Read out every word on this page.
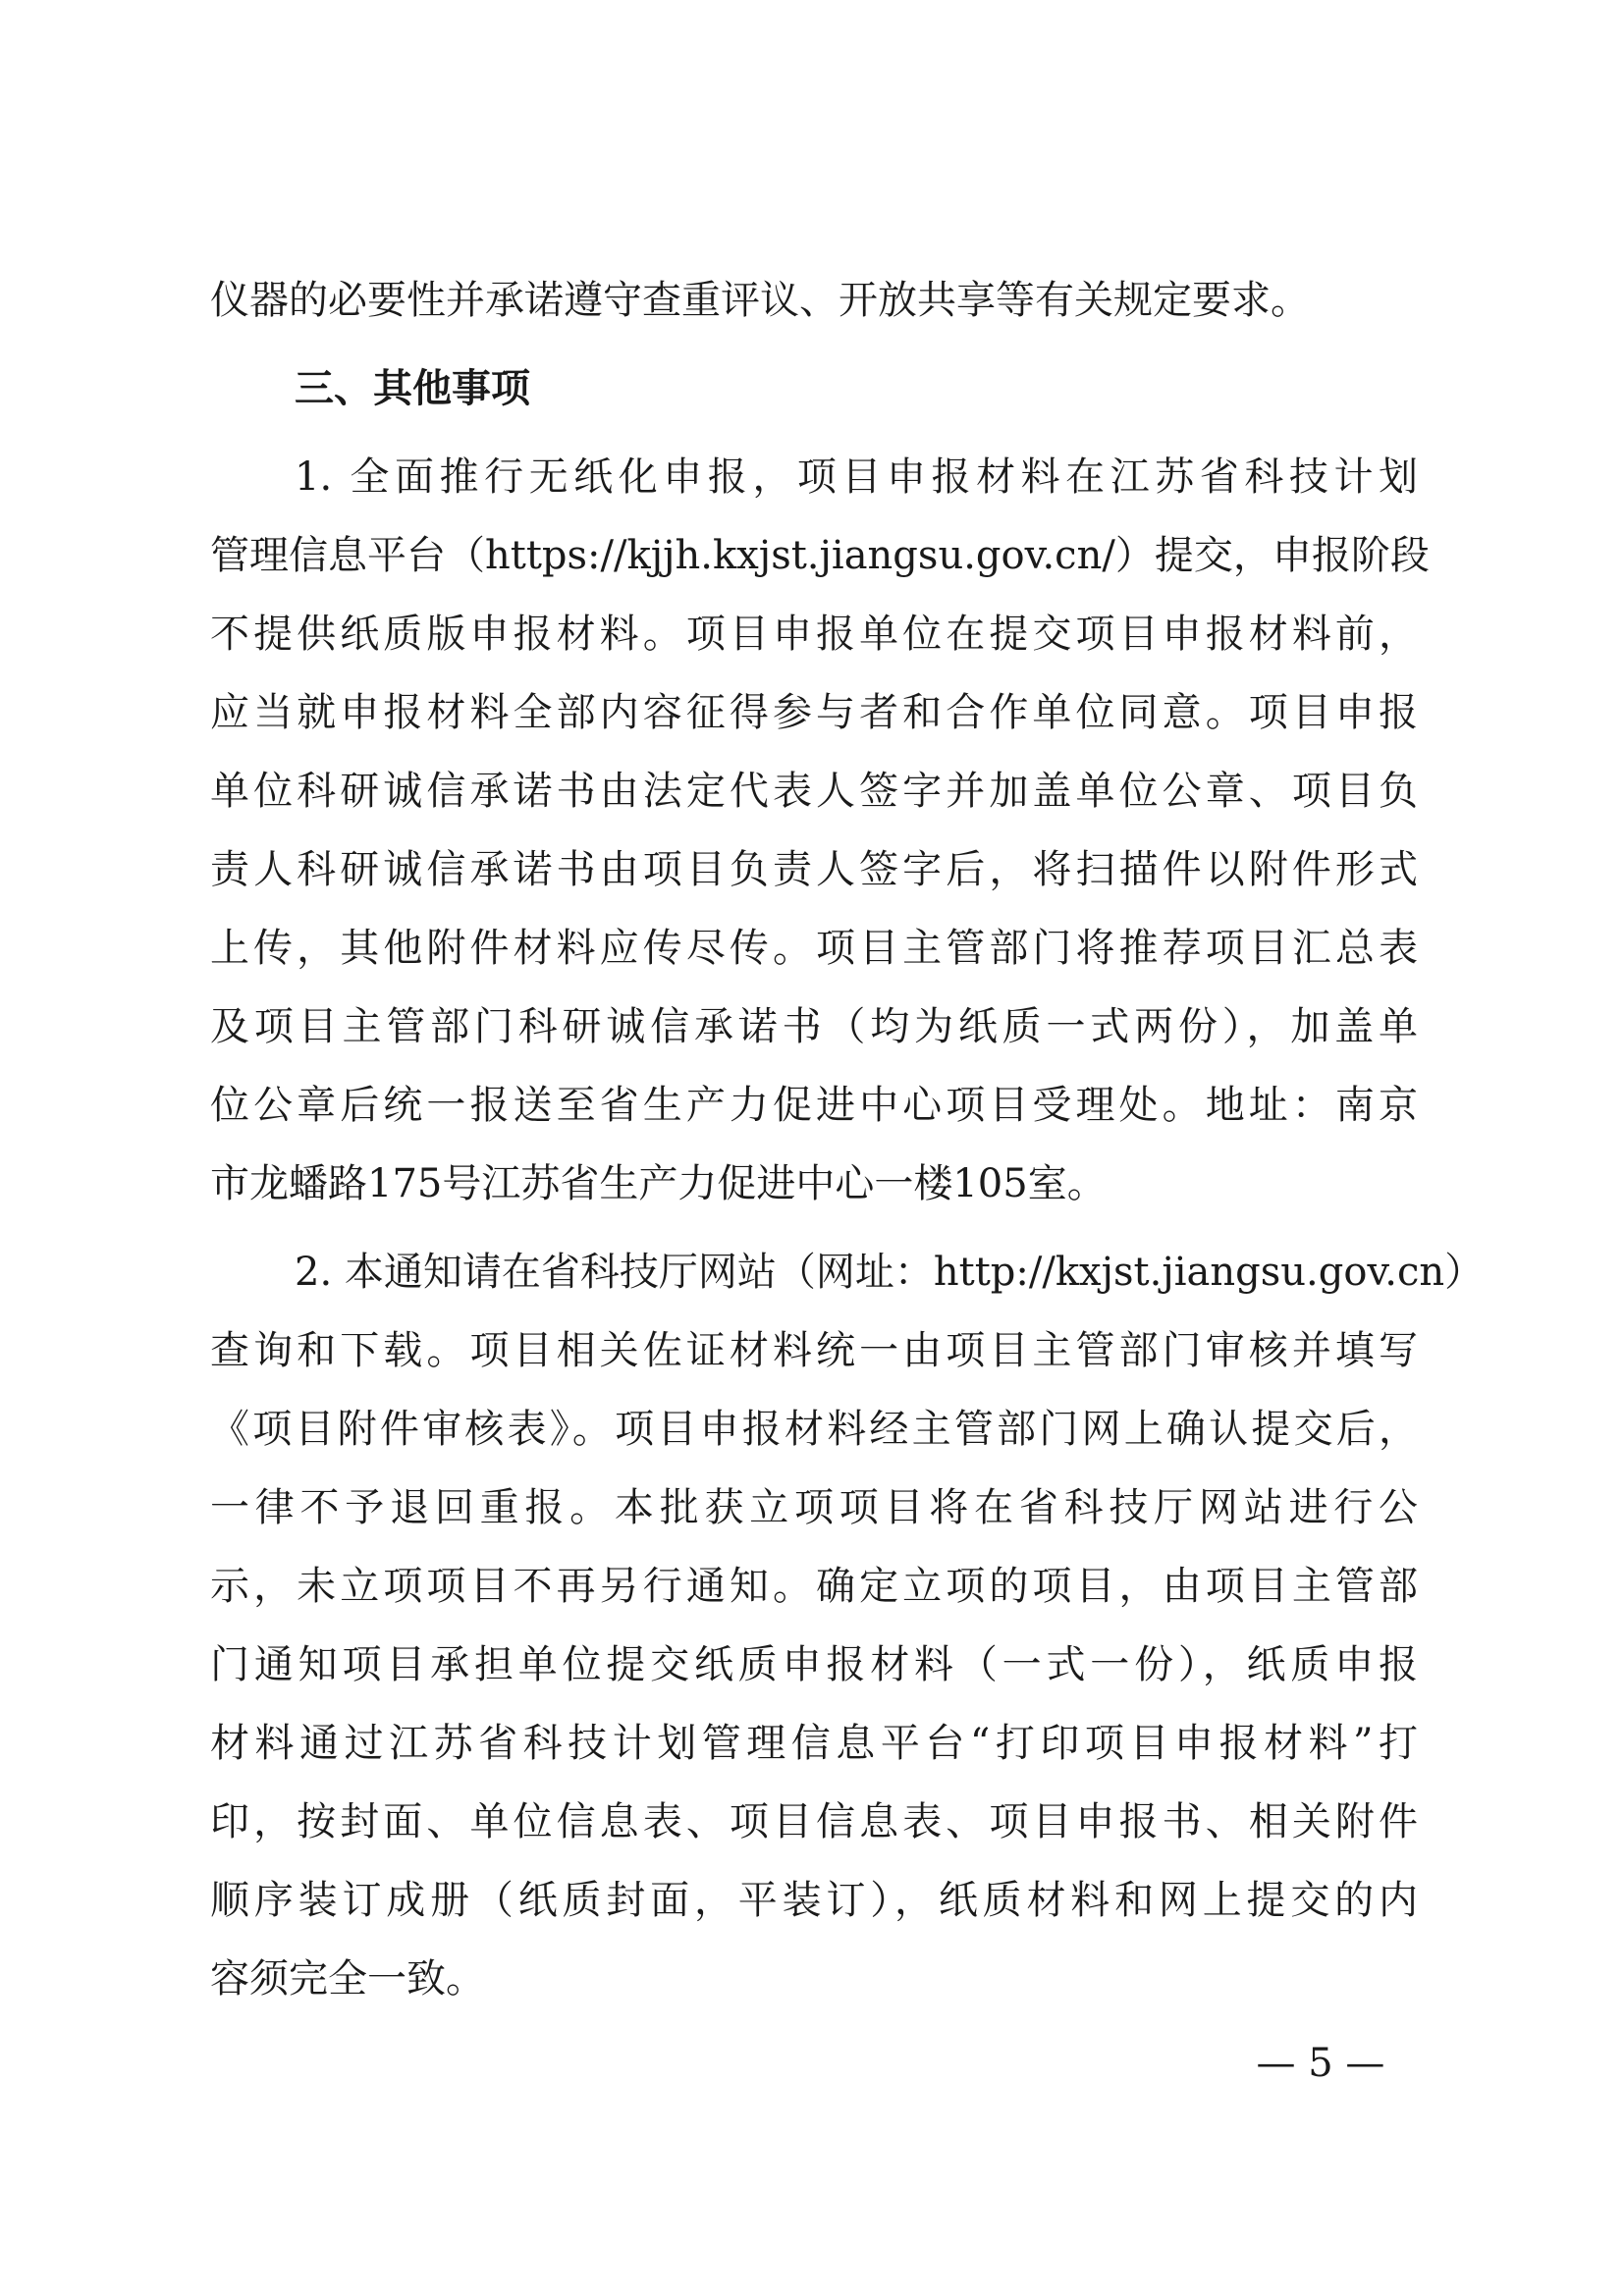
仪器的必要性并承诺遵守查重评议、开放共享等有关规定要求。
三、其他事项
1. 全面推行无纸化申报，项目申报材料在江苏省科技计划
管理信息平台（https://kjjh.kxjst.jiangsu.gov.cn/）提交，申报阶段
不提供纸质版申报材料。项目申报单位在提交项目申报材料前，
应当就申报材料全部内容征得参与者和合作单位同意。项目申报
单位科研诚信承诺书由法定代表人签字并加盖单位公章、项目负
责人科研诚信承诺书由项目负责人签字后，将扫描件以附件形式
上传，其他附件材料应传尽传。项目主管部门将推荐项目汇总表
及项目主管部门科研诚信承诺书（均为纸质一式两份），加盖单
位公章后统一报送至省生产力促进中心项目受理处。地址：南京
市龙蟠路175号江苏省生产力促进中心一楼105室。
2. 本通知请在省科技厅网站（网址：http://kxjst.jiangsu.gov.cn）
查询和下载。项目相关佐证材料统一由项目主管部门审核并填写
《项目附件审核表》。项目申报材料经主管部门网上确认提交后，
一律不予退回重报。本批获立项项目将在省科技厅网站进行公
示，未立项项目不再另行通知。确定立项的项目，由项目主管部
门通知项目承担单位提交纸质申报材料（一式一份），纸质申报
材料通过江苏省科技计划管理信息平台“打印项目申报材料”打
印，按封面、单位信息表、项目信息表、项目申报书、相关附件
顺序装订成册（纸质封面，平装订），纸质材料和网上提交的内
容须完全一致。
— 5 —
